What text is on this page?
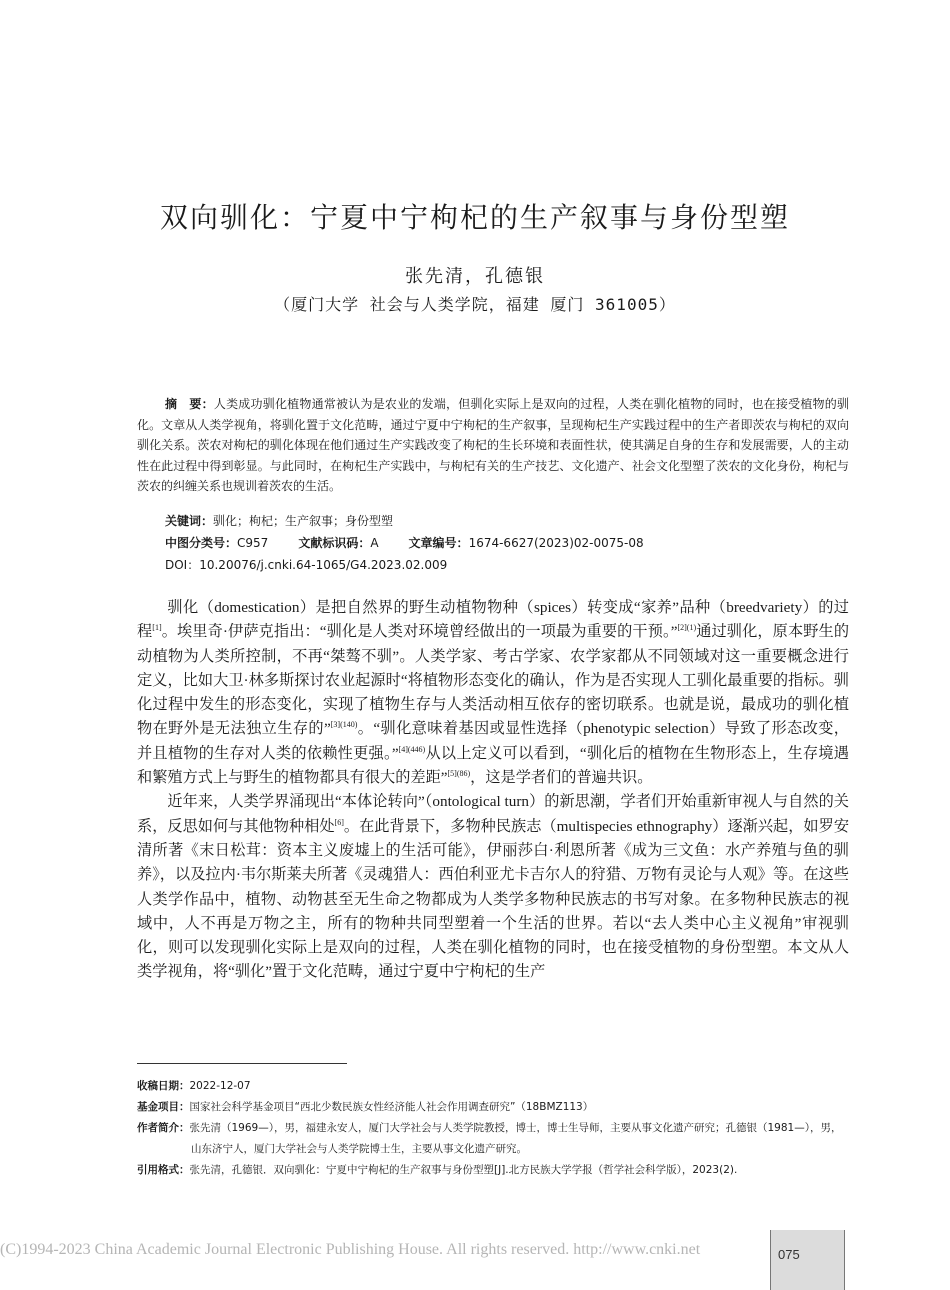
双向驯化：宁夏中宁枸杞的生产叙事与身份型塑
张先清，孔德银
（厦门大学 社会与人类学院，福建 厦门 361005）
摘　要：人类成功驯化植物通常被认为是农业的发端，但驯化实际上是双向的过程，人类在驯化植物的同时，也在接受植物的驯化。文章从人类学视角，将驯化置于文化范畴，通过宁夏中宁枸杞的生产叙事，呈现枸杞生产实践过程中的生产者即茨农与枸杞的双向驯化关系。茨农对枸杞的驯化体现在他们通过生产实践改变了枸杞的生长环境和表面性状，使其满足自身的生存和发展需要，人的主动性在此过程中得到彰显。与此同时，在枸杞生产实践中，与枸杞有关的生产技艺、文化遗产、社会文化型塑了茨农的文化身份，枸杞与茨农的纠缠关系也规训着茨农的生活。
关键词：驯化；枸杞；生产叙事；身份型塑
中图分类号：C957	文献标识码：A	文章编号：1674-6627(2023)02-0075-08
DOI：10.20076/j.cnki.64-1065/G4.2023.02.009

驯化（domestication）是把自然界的野生动植物物种（spices）转变成“家养”品种（breedvariety）的过程[1]。埃里奇·伊萨克指出：“驯化是人类对环境曾经做出的一项最为重要的干预。”$^{[2](1)}$通过驯化，原本野生的动植物为人类所控制，不再“桀骜不驯”。人类学家、考古学家、农学家都从不同领域对这一重要概念进行定义，比如大卫·林多斯探讨农业起源时“将植物形态变化的确认，作为是否实现人工驯化最重要的指标。驯化过程中发生的形态变化，实现了植物生存与人类活动相互依存的密切联系。也就是说，最成功的驯化植物在野外是无法独立生存的”$^{[3](140)}$。“驯化意味着基因或显性选择（phenotypic selection）导致了形态改变，并且植物的生存对人类的依赖性更强。”$^{[4](446)}$从以上定义可以看到，“驯化后的植物在生物形态上，生存境遇和繁殖方式上与野生的植物都具有很大的差距”$^{[5](86)}$，这是学者们的普遍共识。

近年来，人类学界涌现出“本体论转向”（ontological turn）的新思潮，学者们开始重新审视人与自然的关系，反思如何与其他物种相处[6]。在此背景下，多物种民族志（multispecies ethnography）逐渐兴起，如罗安清所著《末日松茸：资本主义废墟上的生活可能》，伊丽莎白·利恩所著《成为三文鱼：水产养殖与鱼的驯养》，以及拉内·韦尔斯莱夫所著《灵魂猎人：西伯利亚尤卡吉尔人的狩猎、万物有灵论与人观》等。在这些人类学作品中，植物、动物甚至无生命之物都成为人类学多物种民族志的书写对象。在多物种民族志的视域中，人不再是万物之主，所有的物种共同型塑着一个生活的世界。若以“去人类中心主义视角”审视驯化，则可以发现驯化实际上是双向的过程，人类在驯化植物的同时，也在接受植物的身份型塑。本文从人类学视角，将“驯化”置于文化范畴，通过宁夏中宁枸杞的生产

收稿日期：2022-12-07
基金项目：国家社会科学基金项目“西北少数民族女性经济能人社会作用调查研究”（18BMZ113）
作者简介：张先清（1969—），男，福建永安人，厦门大学社会与人类学院教授，博士，博士生导师，主要从事文化遗产研究；孔德银（1981—），男，山东济宁人，厦门大学社会与人类学院博士生，主要从事文化遗产研究。
引用格式：张先清，孔德银．双向驯化：宁夏中宁枸杞的生产叙事与身份型塑[J].北方民族大学学报（哲学社会科学版），2023(2).
(C)1994-2023 China Academic Journal Electronic Publishing House. All rights reserved. http://www.cnki.net	075
